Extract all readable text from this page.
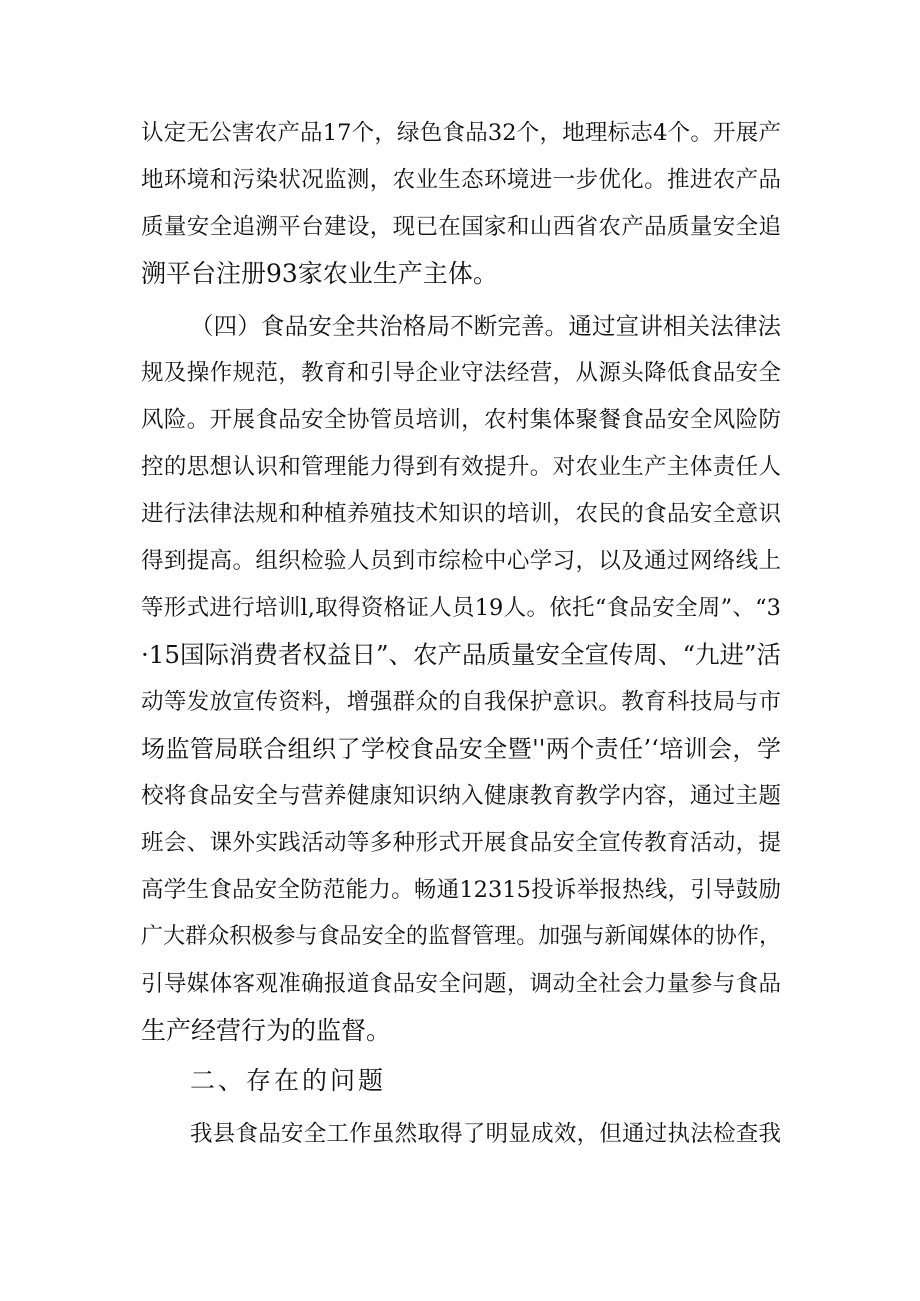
认定无公害农产品17个，绿色食品32个，地理标志4个。开展产
地环境和污染状况监测，农业生态环境进一步优化。推进农产品
质量安全追溯平台建设，现已在国家和山西省农产品质量安全追
溯平台注册93家农业生产主体。
（四）食品安全共治格局不断完善。通过宣讲相关法律法
规及操作规范，教育和引导企业守法经营，从源头降低食品安全
风险。开展食品安全协管员培训，农村集体聚餐食品安全风险防
控的思想认识和管理能力得到有效提升。对农业生产主体责任人
进行法律法规和种植养殖技术知识的培训，农民的食品安全意识
得到提高。组织检验人员到市综检中心学习，以及通过网络线上
等形式进行培训l,取得资格证人员19人。依托“食品安全周”、“3
·15国际消费者权益日”、农产品质量安全宣传周、“九进”活
动等发放宣传资料，增强群众的自我保护意识。教育科技局与市
场监管局联合组织了学校食品安全暨''两个责任’‘培训会，学
校将食品安全与营养健康知识纳入健康教育教学内容，通过主题
班会、课外实践活动等多种形式开展食品安全宣传教育活动，提
高学生食品安全防范能力。畅通12315投诉举报热线，引导鼓励
广大群众积极参与食品安全的监督管理。加强与新闻媒体的协作，
引导媒体客观准确报道食品安全问题，调动全社会力量参与食品
生产经营行为的监督。
二、存在的问题
我县食品安全工作虽然取得了明显成效，但通过执法检查我
